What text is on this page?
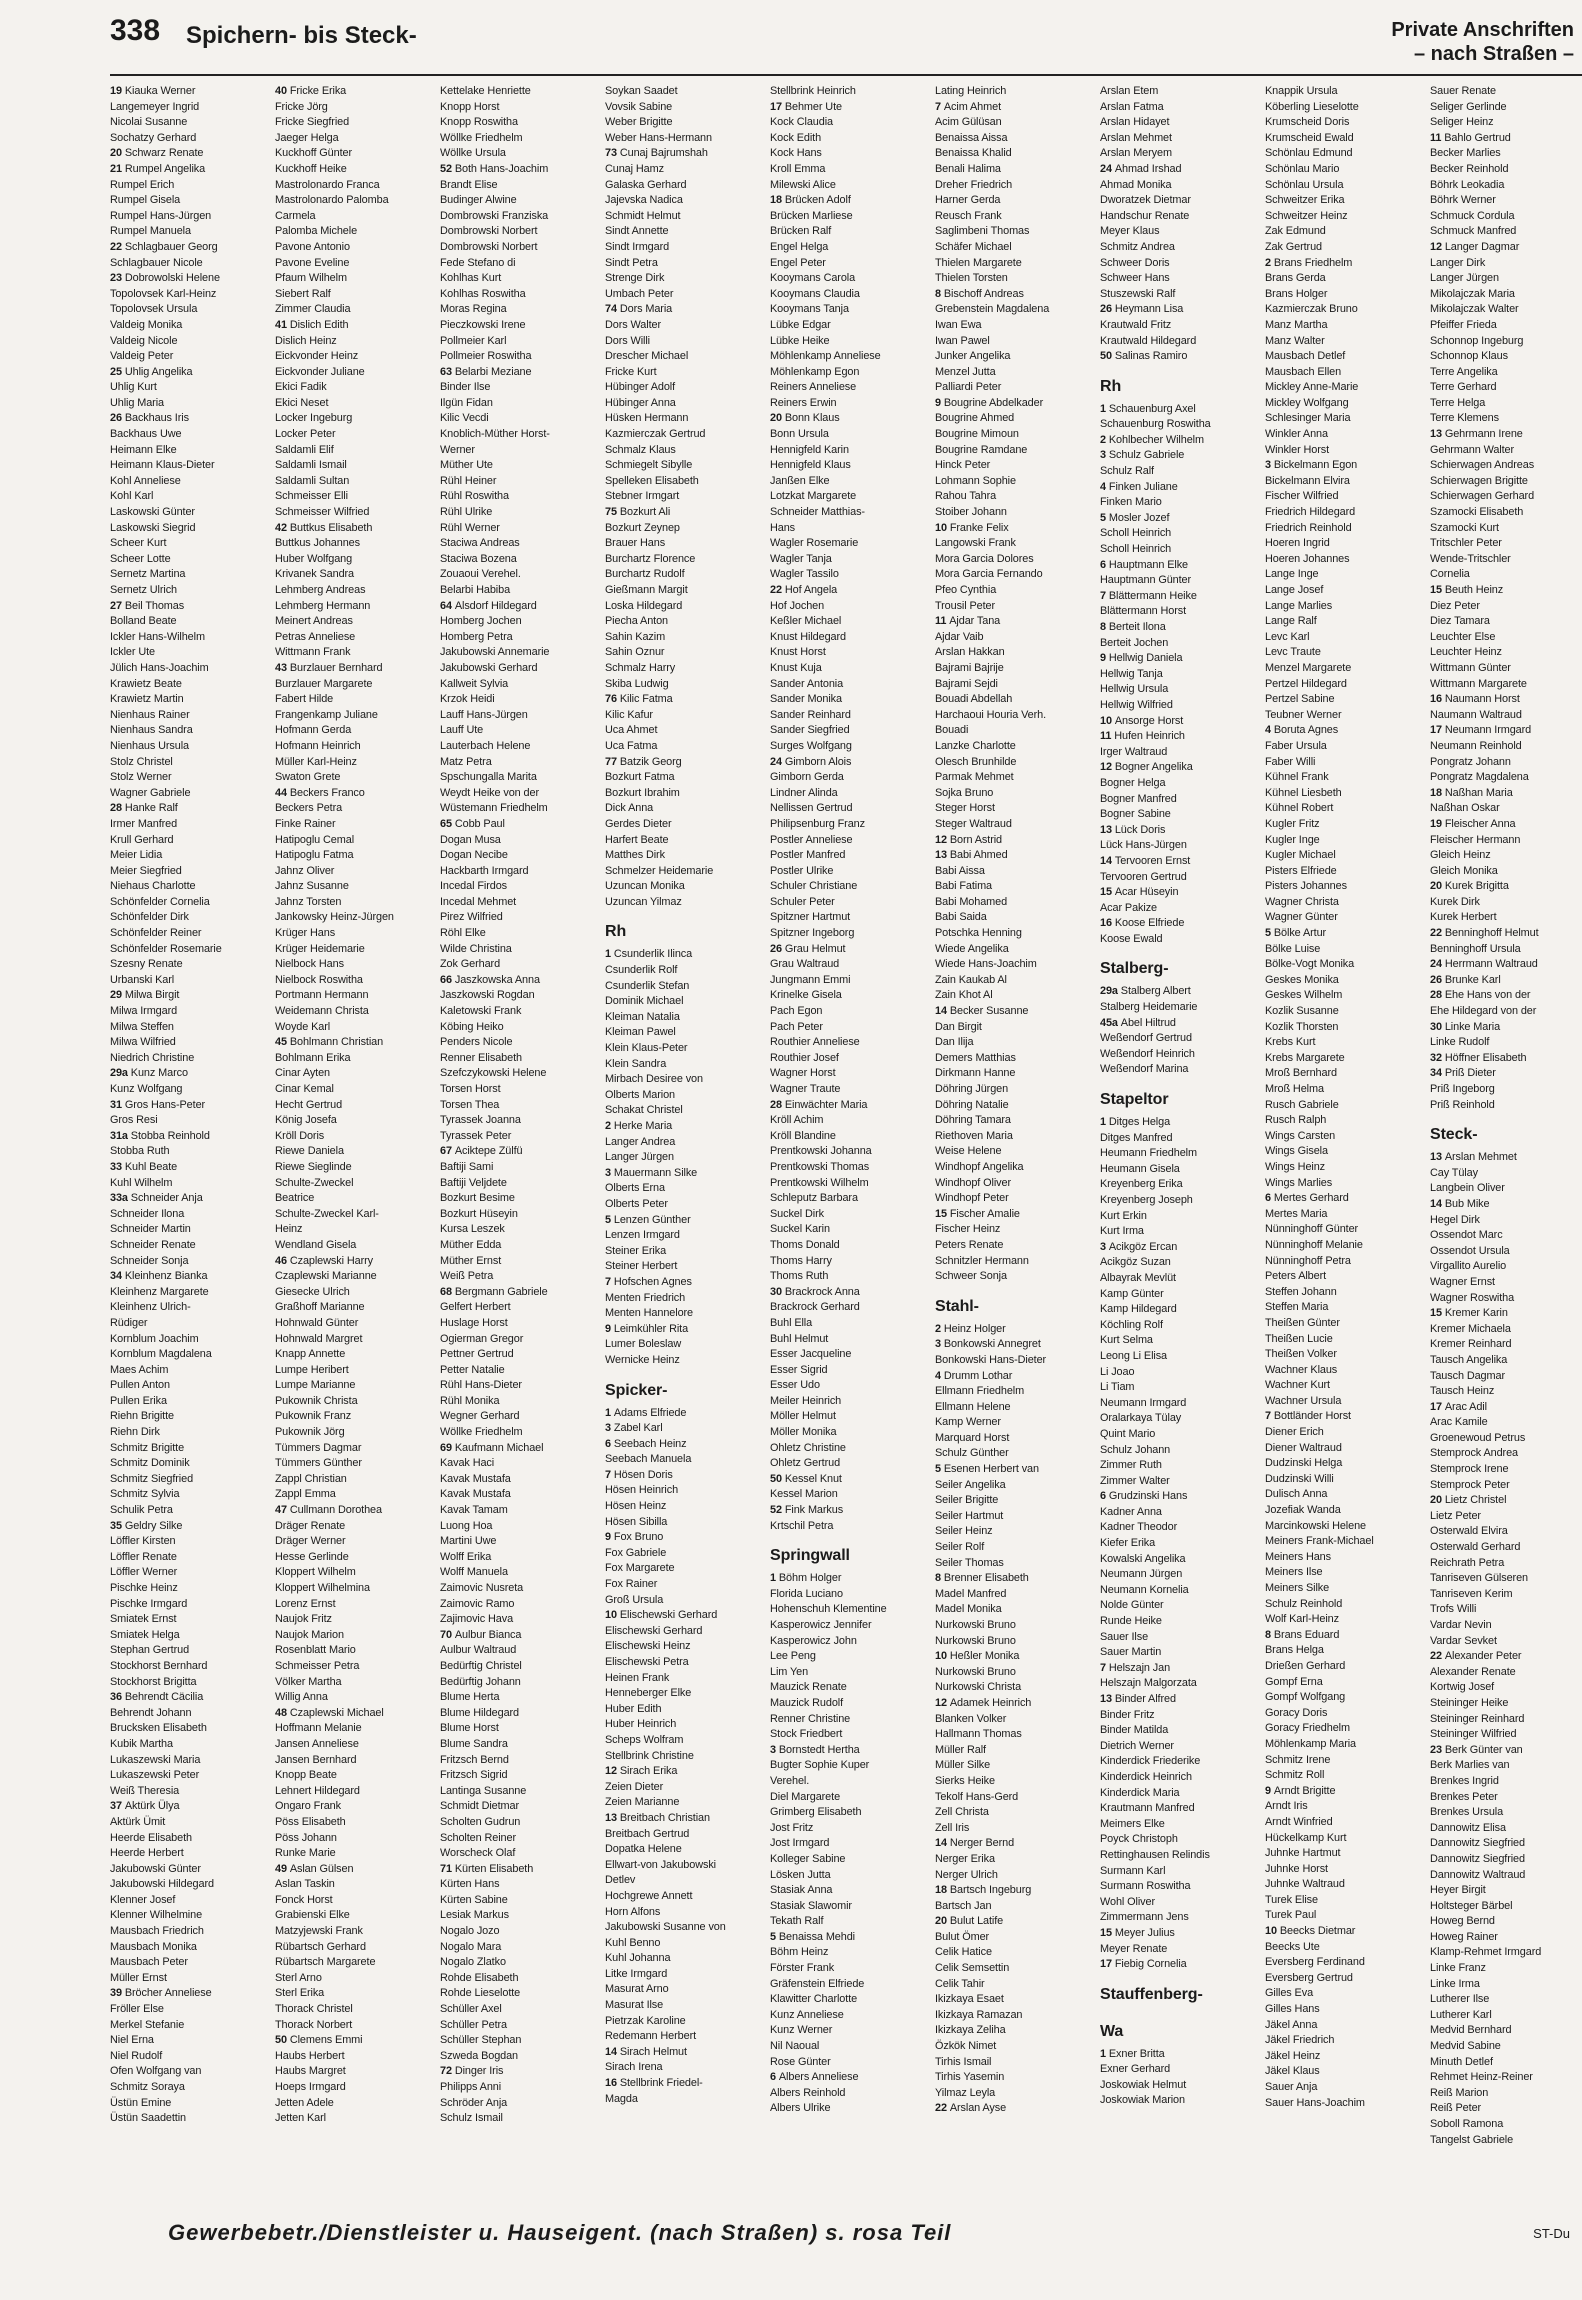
338 Spichern- bis Steck-	Private Anschriften
– nach Straßen –
19 Kiauka Werner
Langemeyer Ingrid
Nicolai Susanne
Sochatzy Gerhard
20 Schwarz Renate
21 Rumpel Angelika
Rumpel Erich
Rumpel Gisela
Rumpel Hans-Jürgen
Rumpel Manuela
22 Schlagbauer Georg
Schlagbauer Nicole
23 Dobrowolski Helene
Topolovsek Karl-Heinz
Topolovsek Ursula
Valdeig Monika
Valdeig Nicole
Valdeig Peter
25 Uhlig Angelika
Uhlig Kurt
Uhlig Maria
26 Backhaus Iris
Backhaus Uwe
Heimann Elke
Heimann Klaus-Dieter
Kohl Anneliese
Kohl Karl
Laskowski Günter
Laskowski Siegrid
Scheer Kurt
Scheer Lotte
Sernetz Martina
Sernetz Ulrich
27 Beil Thomas
Bolland Beate
Ickler Hans-Wilhelm
Ickler Ute
Jülich Hans-Joachim
Krawietz Beate
Krawietz Martin
Nienhaus Rainer
Nienhaus Sandra
Nienhaus Ursula
Stolz Christel
Stolz Werner
Wagner Gabriele
28 Hanke Ralf
Irmer Manfred
Krull Gerhard
Meier Lidia
Meier Siegfried
Niehaus Charlotte
Schönfelder Cornelia
Schönfelder Dirk
Schönfelder Reiner
Schönfelder Rosemarie
Szesny Renate
Urbanski Karl
29 Milwa Birgit
Milwa Irmgard
Milwa Steffen
Milwa Wilfried
Niedrich Christine
29a Kunz Marco
Kunz Wolfgang
31 Gros Hans-Peter
Gros Resi
31a Stobba Reinhold
Stobba Ruth
33 Kuhl Beate
Kuhl Wilhelm
33a Schneider Anja
Schneider Ilona
Schneider Martin
Schneider Renate
Schneider Sonja
34 Kleinhenz Bianka
Kleinhenz Margarete
Kleinhenz Ulrich-
Rüdiger
Kornblum Joachim
Kornblum Magdalena
Maes Achim
Pullen Anton
Pullen Erika
Riehn Brigitte
Riehn Dirk
Schmitz Brigitte
Schmitz Dominik
Schmitz Siegfried
Schmitz Sylvia
Schulik Petra
35 Geldry Silke
Löffler Kirsten
Löffler Renate
Löffler Werner
Pischke Heinz
Pischke Irmgard
Smiatek Ernst
Smiatek Helga
Stephan Gertrud
Stockhorst Bernhard
Stockhorst Brigitta
36 Behrendt Cäcilia
Behrendt Johann
Brucksken Elisabeth
Kubik Martha
Lukaszewski Maria
Lukaszewski Peter
Weiß Theresia
37 Aktürk Ülya
Aktürk Ümit
Heerde Elisabeth
Heerde Herbert
Jakubowski Günter
Jakubowski Hildegard
Klenner Josef
Klenner Wilhelmine
Mausbach Friedrich
Mausbach Monika
Mausbach Peter
Müller Ernst
39 Bröcher Anneliese
Fröller Else
Merkel Stefanie
Niel Erna
Niel Rudolf
Ofen Wolfgang van
Schmitz Soraya
Üstün Emine
Üstün Saadettin
40 Fricke Erika
Fricke Jörg
Fricke Siegfried
Jaeger Helga
Kuckhoff Günter
Kuckhoff Heike
Mastrolonardo Franca
Mastrolonardo Palomba
Carmela
Palomba Michele
Pavone Antonio
Pavone Eveline
Pfaum Wilhelm
Siebert Ralf
Zimmer Claudia
41 Dislich Edith
Dislich Heinz
Eickvonder Heinz
Eickvonder Juliane
Ekici Fadik
Ekici Neset
Locker Ingeburg
Locker Peter
Saldamli Elif
Saldamli Ismail
Saldamli Sultan
Schmeisser Elli
Schmeisser Wilfried
42 Buttkus Elisabeth
Buttkus Johannes
Huber Wolfgang
Krivanek Sandra
Lehmberg Andreas
Lehmberg Hermann
Meinert Andreas
Petras Anneliese
Wittmann Frank
43 Burzlauer Bernhard
Burzlauer Margarete
Fabert Hilde
Frangenkamp Juliane
Hofmann Gerda
Hofmann Heinrich
Müller Karl-Heinz
Swaton Grete
44 Beckers Franco
Beckers Petra
Finke Rainer
Hatipoglu Cemal
Hatipoglu Fatma
Jahnz Oliver
Jahnz Susanne
Jahnz Torsten
Jankowsky Heinz-Jürgen
Krüger Hans
Krüger Heidemarie
Nielbock Hans
Nielbock Roswitha
Portmann Hermann
Weidemann Christa
Woyde Karl
45 Bohlmann Christian
Bohlmann Erika
Cinar Ayten
Cinar Kemal
Hecht Gertrud
König Josefa
Kröll Doris
Riewe Daniela
Riewe Sieglinde
Schulte-Zweckel
Beatrice
Schulte-Zweckel Karl-
Heinz
Wendland Gisela
46 Czaplewski Harry
Czaplewski Marianne
Giesecke Ulrich
Graßhoff Marianne
Hohnwald Günter
Hohnwald Margret
Knapp Annette
Lumpe Heribert
Lumpe Marianne
Pukownik Christa
Pukownik Franz
Pukownik Jörg
Tümmers Dagmar
Tümmers Günther
Zappl Christian
Zappl Emma
47 Cullmann Dorothea
Dräger Renate
Dräger Werner
Hesse Gerlinde
Kloppert Wilhelm
Kloppert Wilhelmina
Lorenz Ernst
Naujok Fritz
Naujok Marion
Rosenblatt Mario
Schmeisser Petra
Völker Martha
Willig Anna
48 Czaplewski Michael
Hoffmann Melanie
Jansen Anneliese
Jansen Bernhard
Knopp Beate
Lehnert Hildegard
Ongaro Frank
Pöss Elisabeth
Pöss Johann
Runke Marie
49 Aslan Gülsen
Aslan Taskin
Fonck Horst
Grabienski Elke
Matzyjewski Frank
Rübartsch Gerhard
Rübartsch Margarete
Sterl Arno
Sterl Erika
Thorack Christel
Thorack Norbert
50 Clemens Emmi
Haubs Herbert
Haubs Margret
Hoeps Irmgard
Jetten Adele
Jetten Karl
Kettelake Henriette
Knopp Horst
Knopp Roswitha
Wöllke Friedhelm
Wöllke Ursula
52 Both Hans-Joachim
Brandt Elise
Budinger Alwine
Dombrowski Franziska
Dombrowski Norbert
Dombrowski Norbert
Fede Stefano di
Kohlhas Kurt
Kohlhas Roswitha
Moras Regina
Pieczkowski Irene
Pollmeier Karl
Pollmeier Roswitha
63 Belarbi Meziane
Binder Ilse
Ilgün Fidan
Kilic Vecdi
Knoblich-Müther Horst-
Werner
Müther Ute
Rühl Heiner
Rühl Roswitha
Rühl Ulrike
Rühl Werner
Staciwa Andreas
Staciwa Bozena
Zouaoui Verehel.
Belarbi Habiba
64 Alsdorf Hildegard
Homberg Jochen
Homberg Petra
Jakubowski Annemarie
Jakubowski Gerhard
Kallweit Sylvia
Krzok Heidi
Lauff Hans-Jürgen
Lauff Ute
Lauterbach Helene
Matz Petra
Spschungalla Marita
Weydt Heike von der
Wüstemann Friedhelm
65 Cobb Paul
Dogan Musa
Dogan Necibe
Hackbarth Irmgard
Incedal Firdos
Incedal Mehmet
Pirez Wilfried
Röhl Elke
Wilde Christina
Zok Gerhard
66 Jaszkowska Anna
Jaszkowski Rogdan
Kaletowski Frank
Köbing Heiko
Penders Nicole
Renner Elisabeth
Szefczykowski Helene
Torsen Horst
Torsen Thea
Tyrassek Joanna
Tyrassek Peter
67 Aciktepe Zülfü
Baftiji Sami
Baftiji Veljdete
Bozkurt Besime
Bozkurt Hüseyin
Kursa Leszek
Müther Edda
Müther Ernst
Weiß Petra
68 Bergmann Gabriele
Gelfert Herbert
Huslage Horst
Ogierman Gregor
Pettner Gertrud
Petter Natalie
Rühl Hans-Dieter
Rühl Monika
Wegner Gerhard
Wöllke Friedhelm
69 Kaufmann Michael
Kavak Haci
Kavak Mustafa
Kavak Mustafa
Kavak Tamam
Luong Hoa
Martini Uwe
Wolff Erika
Wolff Manuela
Zaimovic Nusreta
Zaimovic Ramo
Zajimovic Hava
70 Aulbur Bianca
Aulbur Waltraud
Bedürftig Christel
Bedürftig Johann
Blume Herta
Blume Hildegard
Blume Horst
Blume Sandra
Fritzsch Bernd
Fritzsch Sigrid
Lantinga Susanne
Schmidt Dietmar
Scholten Gudrun
Scholten Reiner
Worscheck Olaf
71 Kürten Elisabeth
Kürten Hans
Kürten Sabine
Lesiak Markus
Nogalo Jozo
Nogalo Mara
Nogalo Zlatko
Rohde Elisabeth
Rohde Lieselotte
Schüller Axel
Schüller Petra
Schüller Stephan
Szweda Bogdan
72 Dinger Iris
Philipps Anni
Schröder Anja
Schulz Ismail
Soykan Saadet
Vovsik Sabine
Weber Brigitte
Weber Hans-Hermann
73 Cunaj Bajrumshah
Cunaj Hamz
Galaska Gerhard
Jajevska Nadica
Schmidt Helmut
Sindt Annette
Sindt Irmgard
Sindt Petra
Strenge Dirk
Umbach Peter
74 Dors Maria
Dors Walter
Dors Willi
Drescher Michael
Fricke Kurt
Hübinger Adolf
Hübinger Anna
Hüsken Hermann
Kazmierczak Gertrud
Schmalz Klaus
Schmiegelt Sibylle
Spelleken Elisabeth
Stebner Irmgart
75 Bozkurt Ali
Bozkurt Zeynep
Brauer Hans
Burchartz Florence
Burchartz Rudolf
Gießmann Margit
Loska Hildegard
Piecha Anton
Sahin Kazim
Sahin Oznur
Schmalz Harry
Skiba Ludwig
76 Kilic Fatma
Kilic Kafur
Uca Ahmet
Uca Fatma
77 Batzik Georg
Bozkurt Fatma
Bozkurt Ibrahim
Dick Anna
Gerdes Dieter
Harfert Beate
Matthes Dirk
Schmelzer Heidemarie
Uzuncan Monika
Uzuncan Yilmaz
Rh
1 Csunderlik Ilinca
Csunderlik Rolf
Csunderlik Stefan
Dominik Michael
Kleiman Natalia
Kleiman Pawel
Klein Klaus-Peter
Klein Sandra
Mirbach Desiree von
Olberts Marion
Schakat Christel
2 Herke Maria
Langer Andrea
Langer Jürgen
3 Mauermann Silke
Olberts Erna
Olberts Peter
5 Lenzen Günther
Lenzen Irmgard
Steiner Erika
Steiner Herbert
7 Hofschen Agnes
Menten Friedrich
Menten Hannelore
9 Leimkühler Rita
Lumer Boleslaw
Wernicke Heinz
Spicker-
1 Adams Elfriede
3 Zabel Karl
6 Seebach Heinz
Seebach Manuela
7 Hösen Doris
Hösen Heinrich
Hösen Heinz
Hösen Sibilla
9 Fox Bruno
Fox Gabriele
Fox Margarete
Fox Rainer
Groß Ursula
10 Elischewski Gerhard
Elischewski Gerhard
Elischewski Heinz
Elischewski Petra
Heinen Frank
Henneberger Elke
Huber Edith
Huber Heinrich
Scheps Wolfram
Stellbrink Christine
12 Sirach Erika
Zeien Dieter
Zeien Marianne
13 Breitbach Christian
Breitbach Gertrud
Dopatka Helene
Ellwart-von Jakubowski
Detlev
Hochgrewe Annett
Horn Alfons
Jakubowski Susanne von
Kuhl Benno
Kuhl Johanna
Litke Irmgard
Masurat Arno
Masurat Ilse
Pietrzak Karoline
Redemann Herbert
14 Sirach Helmut
Sirach Irena
16 Stellbrink Friedel-
Magda
Stellbrink Heinrich
17 Behmer Ute
Kock Claudia
Kock Edith
Kock Hans
Kroll Emma
Milewski Alice
18 Brücken Adolf
Brücken Marliese
Brücken Ralf
Engel Helga
Engel Peter
Kooymans Carola
Kooymans Claudia
Kooymans Tanja
Lübke Edgar
Lübke Heike
Möhlenkamp Anneliese
Möhlenkamp Egon
Reiners Anneliese
Reiners Erwin
20 Bonn Klaus
Bonn Ursula
Hennigfeld Karin
Hennigfeld Klaus
Janßen Elke
Lotzkat Margarete
Schneider Matthias-
Hans
Wagler Rosemarie
Wagler Tanja
Wagler Tassilo
22 Hof Angela
Hof Jochen
Keßler Michael
Knust Hildegard
Knust Horst
Knust Kuja
Sander Antonia
Sander Monika
Sander Reinhard
Sander Siegfried
Surges Wolfgang
24 Gimborn Alois
Gimborn Gerda
Lindner Alinda
Nellissen Gertrud
Philipsenburg Franz
Postler Anneliese
Postler Manfred
Postler Ulrike
Schuler Christiane
Schuler Peter
Spitzner Hartmut
Spitzner Ingeborg
26 Grau Helmut
Grau Waltraud
Jungmann Emmi
Krinelke Gisela
Pach Egon
Pach Peter
Routhier Anneliese
Routhier Josef
Wagner Horst
Wagner Traute
28 Einwächter Maria
Kröll Achim
Kröll Blandine
Prentkowski Johanna
Prentkowski Thomas
Prentkowski Wilhelm
Schleputz Barbara
Suckel Dirk
Suckel Karin
Thoms Donald
Thoms Harry
Thoms Ruth
30 Brackrock Anna
Brackrock Gerhard
Buhl Ella
Buhl Helmut
Esser Jacqueline
Esser Sigrid
Esser Udo
Meiler Heinrich
Möller Helmut
Möller Monika
Ohletz Christine
Ohletz Gertrud
50 Kessel Knut
Kessel Marion
52 Fink Markus
Krtschil Petra
Springwall
1 Böhm Holger
Florida Luciano
Hohenschuh Klementine
Kasperowicz Jennifer
Kasperowicz John
Lee Peng
Lim Yen
Mauzick Renate
Mauzick Rudolf
Renner Christine
Stock Friedbert
3 Bornstedt Hertha
Bugter Sophie Kuper
Verehel.
Diel Margarete
Grimberg Elisabeth
Jost Fritz
Jost Irmgard
Kolleger Sabine
Lösken Jutta
Stasiak Anna
Stasiak Slawomir
Tekath Ralf
5 Benaissa Mehdi
Böhm Heinz
Förster Frank
Gräfenstein Elfriede
Klawitter Charlotte
Kunz Anneliese
Kunz Werner
Nil Naoual
Rose Günter
6 Albers Anneliese
Albers Reinhold
Albers Ulrike
Lating Heinrich
7 Acim Ahmet
Acim Gülüsan
Benaissa Aissa
Benaissa Khalid
Benali Halima
Dreher Friedrich
Harner Gerda
Reusch Frank
Saglimbeni Thomas
Schäfer Michael
Thielen Margarete
Thielen Torsten
8 Bischoff Andreas
Grebenstein Magdalena
Iwan Ewa
Iwan Pawel
Junker Angelika
Menzel Jutta
Palliardi Peter
9 Bougrine Abdelkader
Bougrine Ahmed
Bougrine Mimoun
Bougrine Ramdane
Hinck Peter
Lohmann Sophie
Rahou Tahra
Stoiber Johann
10 Franke Felix
Langowski Frank
Mora Garcia Dolores
Mora Garcia Fernando
Pfeo Cynthia
Trousil Peter
11 Ajdar Tana
Ajdar Vaib
Arslan Hakkan
Bajrami Bajrije
Bajrami Sejdi
Bouadi Abdellah
Harchaoui Houria Verh.
Bouadi
Lanzke Charlotte
Olesch Brunhilde
Parmak Mehmet
Sojka Bruno
Steger Horst
Steger Waltraud
12 Born Astrid
13 Babi Ahmed
Babi Aissa
Babi Fatima
Babi Mohamed
Babi Saida
Potschka Henning
Wiede Angelika
Wiede Hans-Joachim
Zain Kaukab Al
Zain Khot Al
14 Becker Susanne
Dan Birgit
Dan Ilija
Demers Matthias
Dirkmann Hanne
Döhring Jürgen
Döhring Natalie
Döhring Tamara
Riethoven Maria
Weise Helene
Windhopf Angelika
Windhopf Oliver
Windhopf Peter
15 Fischer Amalie
Fischer Heinz
Peters Renate
Schnitzler Hermann
Schweer Sonja
Stahl-
2 Heinz Holger
3 Bonkowski Annegret
Bonkowski Hans-Dieter
4 Drumm Lothar
Ellmann Friedhelm
Ellmann Helene
Kamp Werner
Marquard Horst
Schulz Günther
5 Esenen Herbert van
Seiler Angelika
Seiler Brigitte
Seiler Hartmut
Seiler Heinz
Seiler Rolf
Seiler Thomas
8 Brenner Elisabeth
Madel Manfred
Madel Monika
Nurkowski Bruno
Nurkowski Bruno
10 Heßler Monika
Nurkowski Bruno
Nurkowski Christa
12 Adamek Heinrich
Blanken Volker
Hallmann Thomas
Müller Ralf
Müller Silke
Sierks Heike
Tekolf Hans-Gerd
Zell Christa
Zell Iris
14 Nerger Bernd
Nerger Erika
Nerger Ulrich
18 Bartsch Ingeburg
Bartsch Jan
20 Bulut Latife
Bulut Ömer
Celik Hatice
Celik Semsettin
Celik Tahir
Ikizkaya Esaet
Ikizkaya Ramazan
Ikizkaya Zeliha
Özkök Nimet
Tirhis Ismail
Tirhis Yasemin
Yilmaz Leyla
22 Arslan Ayse
Arslan Etem
Arslan Fatma
Arslan Hidayet
Arslan Mehmet
Arslan Meryem
24 Ahmad Irshad
Ahmad Monika
Dworatzek Dietmar
Handschur Renate
Meyer Klaus
Schmitz Andrea
Schweer Doris
Schweer Hans
Stuszewski Ralf
26 Heymann Lisa
Krautwald Fritz
Krautwald Hildegard
50 Salinas Ramiro
Rh
1 Schauenburg Axel
Schauenburg Roswitha
2 Kohlbecher Wilhelm
3 Schulz Gabriele
Schulz Ralf
4 Finken Juliane
Finken Mario
5 Mosler Jozef
Scholl Heinrich
Scholl Heinrich
6 Hauptmann Elke
Hauptmann Günter
7 Blättermann Heike
Blättermann Horst
8 Berteit Ilona
Berteit Jochen
9 Hellwig Daniela
Hellwig Tanja
Hellwig Ursula
Hellwig Wilfried
10 Ansorge Horst
11 Hufen Heinrich
Irger Waltraud
12 Bogner Angelika
Bogner Helga
Bogner Manfred
Bogner Sabine
13 Lück Doris
Lück Hans-Jürgen
14 Tervooren Ernst
Tervooren Gertrud
15 Acar Hüseyin
Acar Pakize
16 Koose Elfriede
Koose Ewald
Stalberg-
29a Stalberg Albert
Stalberg Heidemarie
45a Abel Hiltrud
Weßendorf Gertrud
Weßendorf Heinrich
Weßendorf Marina
Stapeltor
1 Ditges Helga
Ditges Manfred
Heumann Friedhelm
Heumann Gisela
Kreyenberg Erika
Kreyenberg Joseph
Kurt Erkin
Kurt Irma
3 Acikgöz Ercan
Acikgöz Suzan
Albayrak Mevlüt
Kamp Günter
Kamp Hildegard
Köchling Rolf
Kurt Selma
Leong Li Elisa
Li Joao
Li Tiam
Neumann Irmgard
Oralarkaya Tülay
Quint Mario
Schulz Johann
Zimmer Ruth
Zimmer Walter
6 Grudzinski Hans
Kadner Anna
Kadner Theodor
Kiefer Erika
Kowalski Angelika
Neumann Jürgen
Neumann Kornelia
Nolde Günter
Runde Heike
Sauer Ilse
Sauer Martin
7 Helszajn Jan
Helszajn Malgorzata
13 Binder Alfred
Binder Fritz
Binder Matilda
Dietrich Werner
Kinderdick Friederike
Kinderdick Heinrich
Kinderdick Maria
Krautmann Manfred
Meimers Elke
Poyck Christoph
Rettinghausen Relindis
Surmann Karl
Surmann Roswitha
Wohl Oliver
Zimmermann Jens
15 Meyer Julius
Meyer Renate
17 Fiebig Cornelia
Stauffenberg-
Wa
1 Exner Britta
Exner Gerhard
Joskowiak Helmut
Joskowiak Marion
Knappik Ursula
Köberling Lieselotte
Krumscheid Doris
Krumscheid Ewald
Schönlau Edmund
Schönlau Mario
Schönlau Ursula
Schweitzer Erika
Schweitzer Heinz
Zak Edmund
Zak Gertrud
2 Brans Friedhelm
Brans Gerda
Brans Holger
Kazmierczak Bruno
Manz Martha
Manz Walter
Mausbach Detlef
Mausbach Ellen
Mickley Anne-Marie
Mickley Wolfgang
Schlesinger Maria
Winkler Anna
Winkler Horst
3 Bickelmann Egon
Bickelmann Elvira
Fischer Wilfried
Friedrich Hildegard
Friedrich Reinhold
Hoeren Ingrid
Hoeren Johannes
Lange Inge
Lange Josef
Lange Marlies
Lange Ralf
Levc Karl
Levc Traute
Menzel Margarete
Pertzel Hildegard
Pertzel Sabine
Teubner Werner
4 Boruta Agnes
Faber Ursula
Faber Willi
Kühnel Frank
Kühnel Liesbeth
Kühnel Robert
Kugler Fritz
Kugler Inge
Kugler Michael
Pisters Elfriede
Pisters Johannes
Wagner Christa
Wagner Günter
5 Bölke Artur
Bölke Luise
Bölke-Vogt Monika
Geskes Monika
Geskes Wilhelm
Kozlik Susanne
Kozlik Thorsten
Krebs Kurt
Krebs Margarete
Mroß Bernhard
Mroß Helma
Rusch Gabriele
Rusch Ralph
Wings Carsten
Wings Gisela
Wings Heinz
Wings Marlies
6 Mertes Gerhard
Mertes Maria
Nünninghoff Günter
Nünninghoff Melanie
Nünninghoff Petra
Peters Albert
Steffen Johann
Steffen Maria
Theißen Günter
Theißen Lucie
Theißen Volker
Wachner Klaus
Wachner Kurt
Wachner Ursula
7 Bottländer Horst
Diener Erich
Diener Waltraud
Dudzinski Helga
Dudzinski Willi
Dulisch Anna
Jozefiak Wanda
Marcinkowski Helene
Meiners Frank-Michael
Meiners Hans
Meiners Ilse
Meiners Silke
Schulz Reinhold
Wolf Karl-Heinz
8 Brans Eduard
Brans Helga
Drießen Gerhard
Gompf Erna
Gompf Wolfgang
Goracy Doris
Goracy Friedhelm
Möhlenkamp Maria
Schmitz Irene
Schmitz Roll
9 Arndt Brigitte
Arndt Iris
Arndt Winfried
Hückelkamp Kurt
Juhnke Hartmut
Juhnke Horst
Juhnke Waltraud
Turek Elise
Turek Paul
10 Beecks Dietmar
Beecks Ute
Eversberg Ferdinand
Eversberg Gertrud
Gilles Eva
Gilles Hans
Jäkel Anna
Jäkel Friedrich
Jäkel Heinz
Jäkel Klaus
Sauer Anja
Sauer Hans-Joachim
Sauer Renate
Seliger Gerlinde
Seliger Heinz
11 Bahlo Gertrud
Becker Marlies
Becker Reinhold
Böhrk Leokadia
Böhrk Werner
Schmuck Cordula
Schmuck Manfred
12 Langer Dagmar
Langer Dirk
Langer Jürgen
Mikolajczak Maria
Mikolajczak Walter
Pfeiffer Frieda
Schonnop Ingeburg
Schonnop Klaus
Terre Angelika
Terre Gerhard
Terre Helga
Terre Klemens
13 Gehrmann Irene
Gehrmann Walter
Schierwagen Andreas
Schierwagen Brigitte
Schierwagen Gerhard
Szamocki Elisabeth
Szamocki Kurt
Tritschler Peter
Wende-Tritschler
Cornelia
15 Beuth Heinz
Diez Peter
Diez Tamara
Leuchter Else
Leuchter Heinz
Wittmann Günter
Wittmann Margarete
16 Naumann Horst
Naumann Waltraud
17 Neumann Irmgard
Neumann Reinhold
Pongratz Johann
Pongratz Magdalena
18 Naßhan Maria
Naßhan Oskar
19 Fleischer Anna
Fleischer Hermann
Gleich Heinz
Gleich Monika
20 Kurek Brigitta
Kurek Dirk
Kurek Herbert
22 Benninghoff Helmut
Benninghoff Ursula
24 Herrmann Waltraud
26 Brunke Karl
28 Ehe Hans von der
Ehe Hildegard von der
30 Linke Maria
Linke Rudolf
32 Höffner Elisabeth
34 Priß Dieter
Priß Ingeborg
Priß Reinhold
Steck-
13 Arslan Mehmet
Cay Tülay
Langbein Oliver
14 Bub Mike
Hegel Dirk
Ossendot Marc
Ossendot Ursula
Virgallito Aurelio
Wagner Ernst
Wagner Roswitha
15 Kremer Karin
Kremer Michaela
Kremer Reinhard
Tausch Angelika
Tausch Dagmar
Tausch Heinz
17 Arac Adil
Arac Kamile
Groenewoud Petrus
Stemprock Andrea
Stemprock Irene
Stemprock Peter
20 Lietz Christel
Lietz Peter
Osterwald Elvira
Osterwald Gerhard
Reichrath Petra
Tanriseven Gülseren
Tanriseven Kerim
Trofs Willi
Vardar Nevin
Vardar Sevket
22 Alexander Peter
Alexander Renate
Kortwig Josef
Steininger Heike
Steininger Reinhard
Steininger Wilfried
23 Berk Günter van
Berk Marlies van
Brenkes Ingrid
Brenkes Peter
Brenkes Ursula
Dannowitz Elisa
Dannowitz Siegfried
Dannowitz Siegfried
Dannowitz Waltraud
Heyer Birgit
Holtsteger Bärbel
Howeg Bernd
Howeg Rainer
Klamp-Rehmet Irmgard
Linke Franz
Linke Irma
Lutherer Ilse
Lutherer Karl
Medvid Bernhard
Medvid Sabine
Minuth Detlef
Rehmet Heinz-Reiner
Reiß Marion
Reiß Peter
Soboll Ramona
Tangelst Gabriele
Gewerbebetr./Dienstleister u. Hauseigent. (nach Straßen) s. rosa Teil	ST-Du
